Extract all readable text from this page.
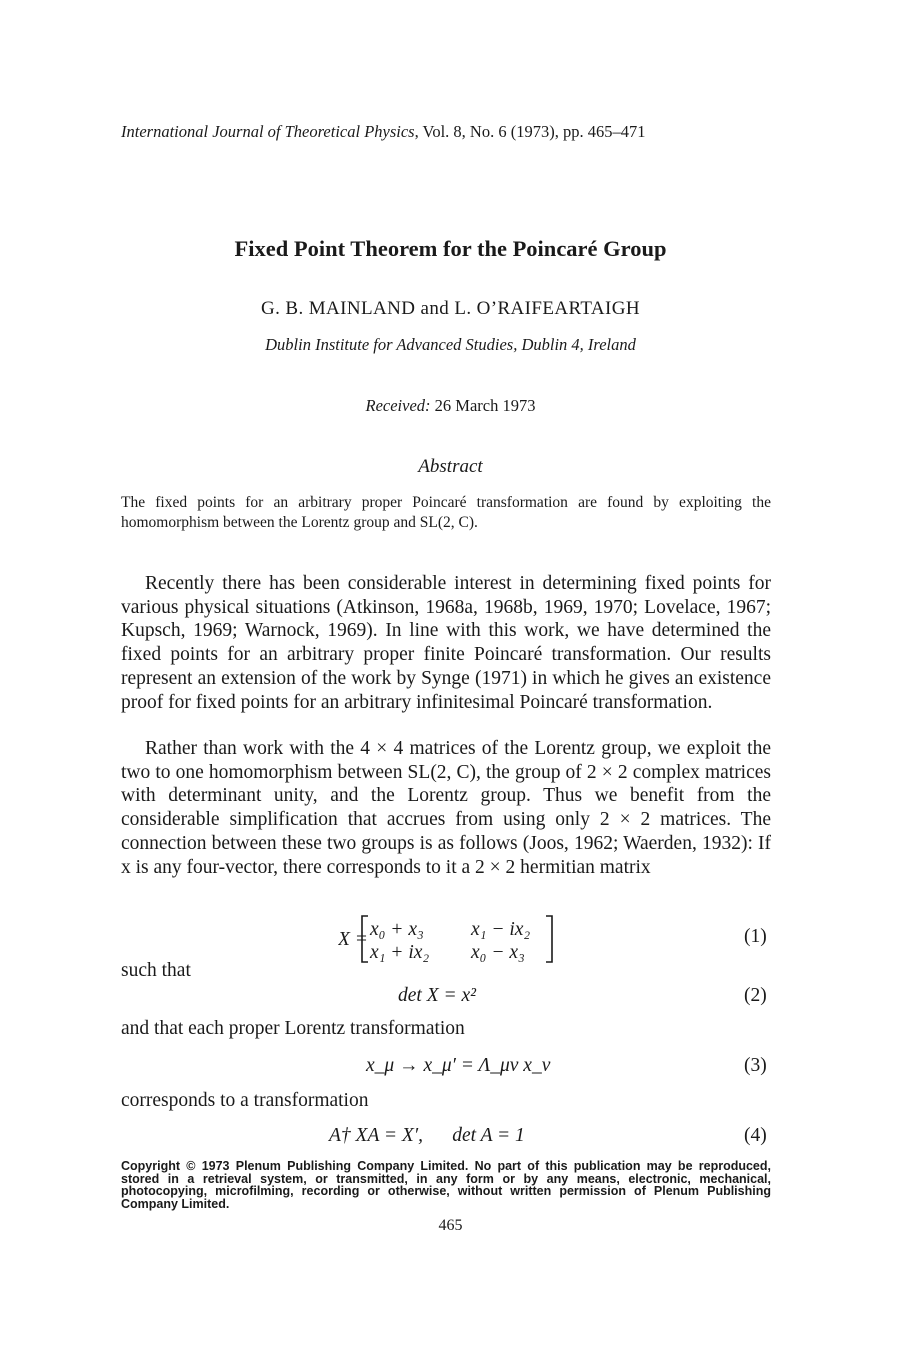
International Journal of Theoretical Physics, Vol. 8, No. 6 (1973), pp. 465–471
Fixed Point Theorem for the Poincaré Group
G. B. MAINLAND and L. O’RAIFEARTAIGH
Dublin Institute for Advanced Studies, Dublin 4, Ireland
Received: 26 March 1973
Abstract
The fixed points for an arbitrary proper Poincaré transformation are found by exploiting the homomorphism between the Lorentz group and SL(2, C).
Recently there has been considerable interest in determining fixed points for various physical situations (Atkinson, 1968a, 1968b, 1969, 1970; Lovelace, 1967; Kupsch, 1969; Warnock, 1969). In line with this work, we have determined the fixed points for an arbitrary proper finite Poincaré transformation. Our results represent an extension of the work by Synge (1971) in which he gives an existence proof for fixed points for an arbitrary infinitesimal Poincaré transformation.
Rather than work with the 4 × 4 matrices of the Lorentz group, we exploit the two to one homomorphism between SL(2, C), the group of 2 × 2 complex matrices with determinant unity, and the Lorentz group. Thus we benefit from the considerable simplification that accrues from using only 2 × 2 matrices. The connection between these two groups is as follows (Joos, 1962; Waerden, 1932): If x is any four-vector, there corresponds to it a 2 × 2 hermitian matrix
X = x₀ + x₃ x₁ − ix₂
x₁ + ix₂ x₀ − x₃
(1)
such that
det X = x²	(2)
and that each proper Lorentz transformation
x_μ → x_μ′ = Λ_μν x_ν	(3)
corresponds to a transformation
A† XA = X′,      det A = 1	(4)
Copyright © 1973 Plenum Publishing Company Limited. No part of this publication may be reproduced, stored in a retrieval system, or transmitted, in any form or by any means, electronic, mechanical, photocopying, microfilming, recording or otherwise, without written permission of Plenum Publishing Company Limited.
465
